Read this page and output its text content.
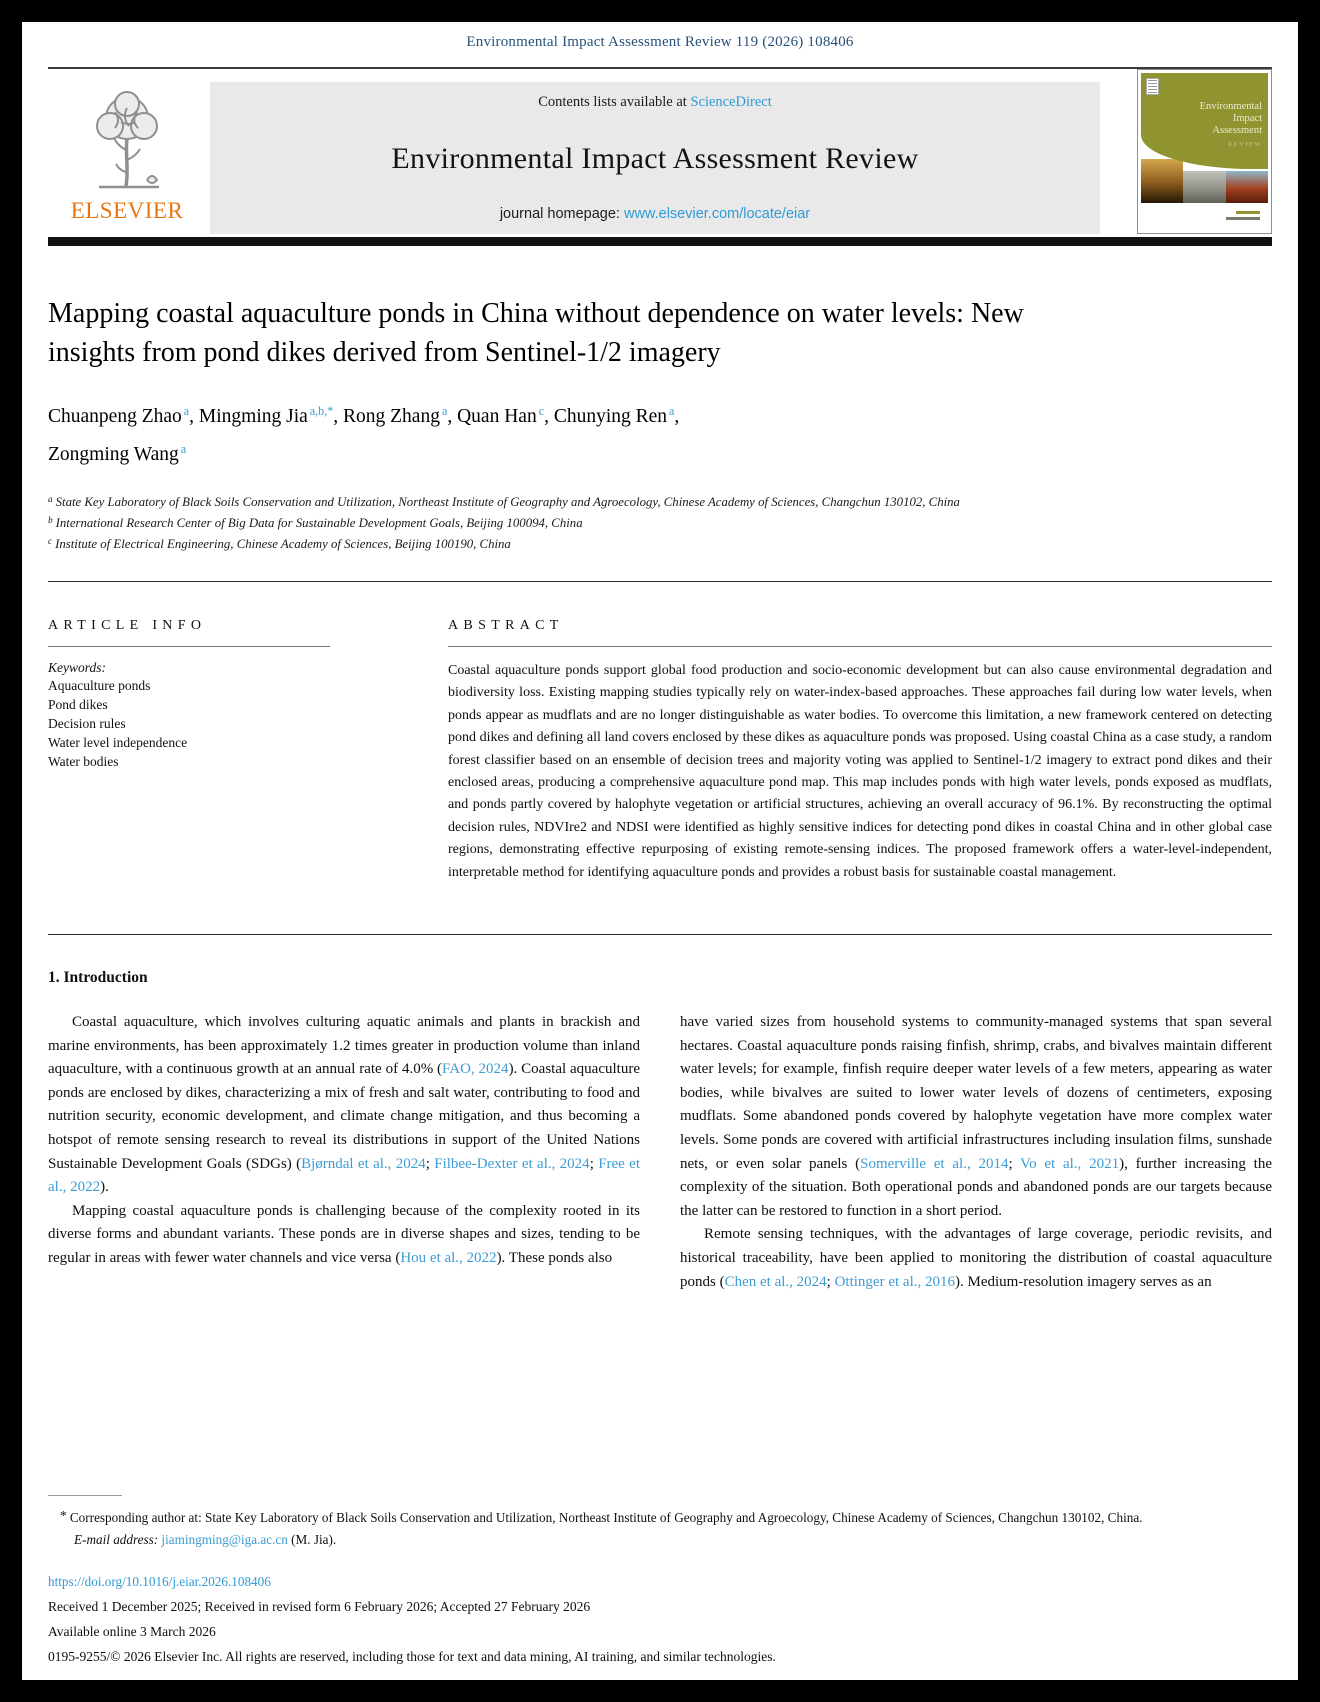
Environmental Impact Assessment Review 119 (2026) 108406
ELSEVIER
Contents lists available at ScienceDirect
Environmental Impact Assessment Review
journal homepage: www.elsevier.com/locate/eiar
Environmental
Impact
Assessment
REVIEW
Mapping coastal aquaculture ponds in China without dependence on water levels: New insights from pond dikes derived from Sentinel-1/2 imagery
Chuanpeng Zhao $^a$, Mingming Jia $^{a,b,*}$, Rong Zhang $^a$, Quan Han $^c$, Chunying Ren $^a$,
Zongming Wang $^a$
$^a$ State Key Laboratory of Black Soils Conservation and Utilization, Northeast Institute of Geography and Agroecology, Chinese Academy of Sciences, Changchun 130102, China
$^b$ International Research Center of Big Data for Sustainable Development Goals, Beijing 100094, China
$^c$ Institute of Electrical Engineering, Chinese Academy of Sciences, Beijing 100190, China
ARTICLE INFO
Keywords:
Aquaculture ponds
Pond dikes
Decision rules
Water level independence
Water bodies
ABSTRACT

Coastal aquaculture ponds support global food production and socio-economic development but can also cause environmental degradation and biodiversity loss. Existing mapping studies typically rely on water-index-based approaches. These approaches fail during low water levels, when ponds appear as mudflats and are no longer distinguishable as water bodies. To overcome this limitation, a new framework centered on detecting pond dikes and defining all land covers enclosed by these dikes as aquaculture ponds was proposed. Using coastal China as a case study, a random forest classifier based on an ensemble of decision trees and majority voting was applied to Sentinel-1/2 imagery to extract pond dikes and their enclosed areas, producing a comprehensive aquaculture pond map. This map includes ponds with high water levels, ponds exposed as mudflats, and ponds partly covered by halophyte vegetation or artificial structures, achieving an overall accuracy of 96.1%. By reconstructing the optimal decision rules, NDVIre2 and NDSI were identified as highly sensitive indices for detecting pond dikes in coastal China and in other global case regions, demonstrating effective repurposing of existing remote-sensing indices. The proposed framework offers a water-level-independent, interpretable method for identifying aquaculture ponds and provides a robust basis for sustainable coastal management.

1. Introduction

Coastal aquaculture, which involves culturing aquatic animals and plants in brackish and marine environments, has been approximately 1.2 times greater in production volume than inland aquaculture, with a continuous growth at an annual rate of 4.0% (FAO, 2024). Coastal aquaculture ponds are enclosed by dikes, characterizing a mix of fresh and salt water, contributing to food and nutrition security, economic development, and climate change mitigation, and thus becoming a hotspot of remote sensing research to reveal its distributions in support of the United Nations Sustainable Development Goals (SDGs) (Bjørndal et al., 2024; Filbee-Dexter et al., 2024; Free et al., 2022).

Mapping coastal aquaculture ponds is challenging because of the complexity rooted in its diverse forms and abundant variants. These ponds are in diverse shapes and sizes, tending to be regular in areas with fewer water channels and vice versa (Hou et al., 2022). These ponds also

have varied sizes from household systems to community-managed systems that span several hectares. Coastal aquaculture ponds raising finfish, shrimp, crabs, and bivalves maintain different water levels; for example, finfish require deeper water levels of a few meters, appearing as water bodies, while bivalves are suited to lower water levels of dozens of centimeters, exposing mudflats. Some abandoned ponds covered by halophyte vegetation have more complex water levels. Some ponds are covered with artificial infrastructures including insulation films, sunshade nets, or even solar panels (Somerville et al., 2014; Vo et al., 2021), further increasing the complexity of the situation. Both operational ponds and abandoned ponds are our targets because the latter can be restored to function in a short period.

Remote sensing techniques, with the advantages of large coverage, periodic revisits, and historical traceability, have been applied to monitoring the distribution of coastal aquaculture ponds (Chen et al., 2024; Ottinger et al., 2016). Medium-resolution imagery serves as an

* Corresponding author at: State Key Laboratory of Black Soils Conservation and Utilization, Northeast Institute of Geography and Agroecology, Chinese Academy of Sciences, Changchun 130102, China.

E-mail address: jiamingming@iga.ac.cn (M. Jia).

https://doi.org/10.1016/j.eiar.2026.108406

Received 1 December 2025; Received in revised form 6 February 2026; Accepted 27 February 2026

Available online 3 March 2026

0195-9255/© 2026 Elsevier Inc. All rights are reserved, including those for text and data mining, AI training, and similar technologies.
